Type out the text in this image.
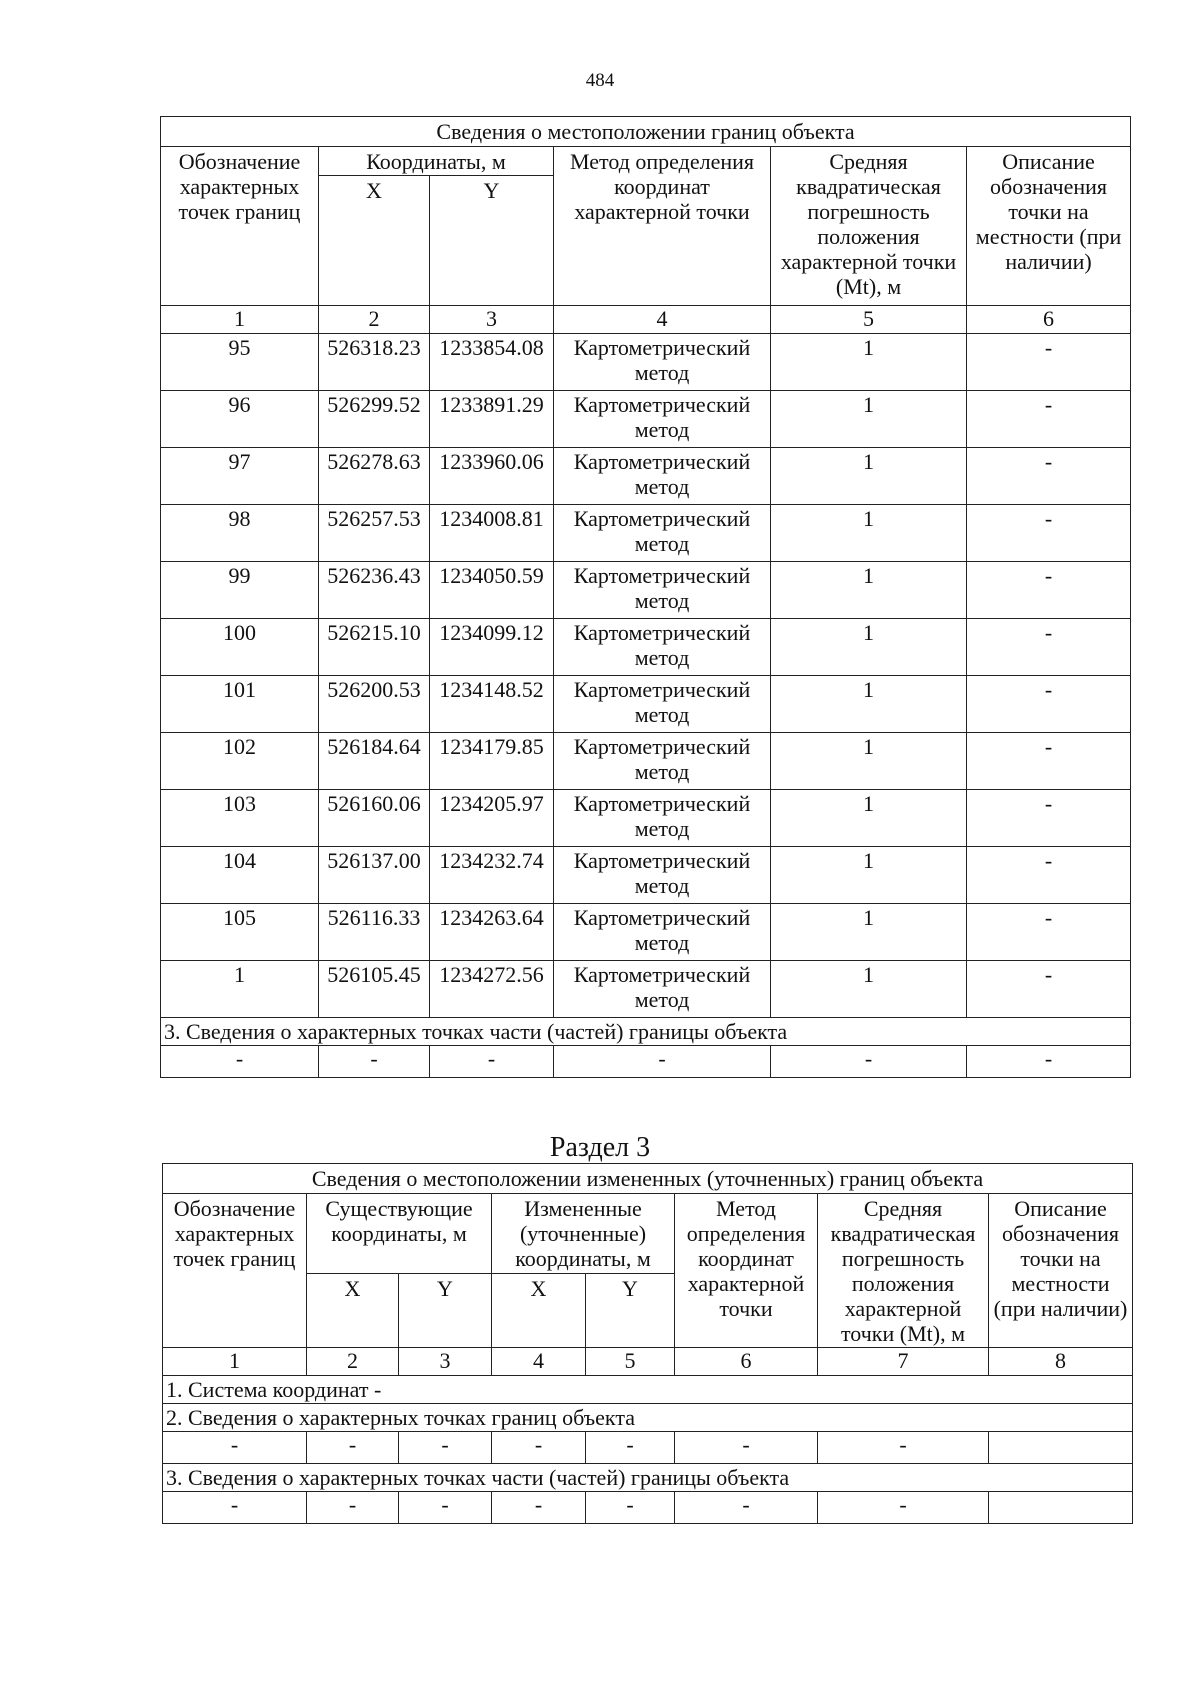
484
Сведения о местоположении границ объекта					
Обозначение характерных точек границ	Координаты, м		Метод определения координат характерной точки	Средняя квадратическая погрешность положения характерной точки (Mt), м	Описание обозначения точки на местности (при наличии)
	X	Y			
1	2	3	4	5	6
95	526318.23	1233854.08	Картометрический метод	1	-
96	526299.52	1233891.29	Картометрический метод	1	-
97	526278.63	1233960.06	Картометрический метод	1	-
98	526257.53	1234008.81	Картометрический метод	1	-
99	526236.43	1234050.59	Картометрический метод	1	-
100	526215.10	1234099.12	Картометрический метод	1	-
101	526200.53	1234148.52	Картометрический метод	1	-
102	526184.64	1234179.85	Картометрический метод	1	-
103	526160.06	1234205.97	Картометрический метод	1	-
104	526137.00	1234232.74	Картометрический метод	1	-
105	526116.33	1234263.64	Картометрический метод	1	-
1	526105.45	1234272.56	Картометрический метод	1	-
3. Сведения о характерных точках части (частей) границы объекта					
-	-	-	-	-	-
Раздел 3
Сведения о местоположении измененных (уточненных) границ объекта							
Обозначение характерных точек границ	Существующие координаты, м		Измененные (уточненные) координаты, м		Метод определения координат характерной точки	Средняя квадратическая погрешность положения характерной точки (Mt), м	Описание обозначения точки на местности (при наличии)
	X	Y	X	Y			
1	2	3	4	5	6	7	8
1. Система координат -							
2. Сведения о характерных точках границ объекта							
-	-	-	-	-	-	-	
3. Сведения о характерных точках части (частей) границы объекта							
-	-	-	-	-	-	-	
